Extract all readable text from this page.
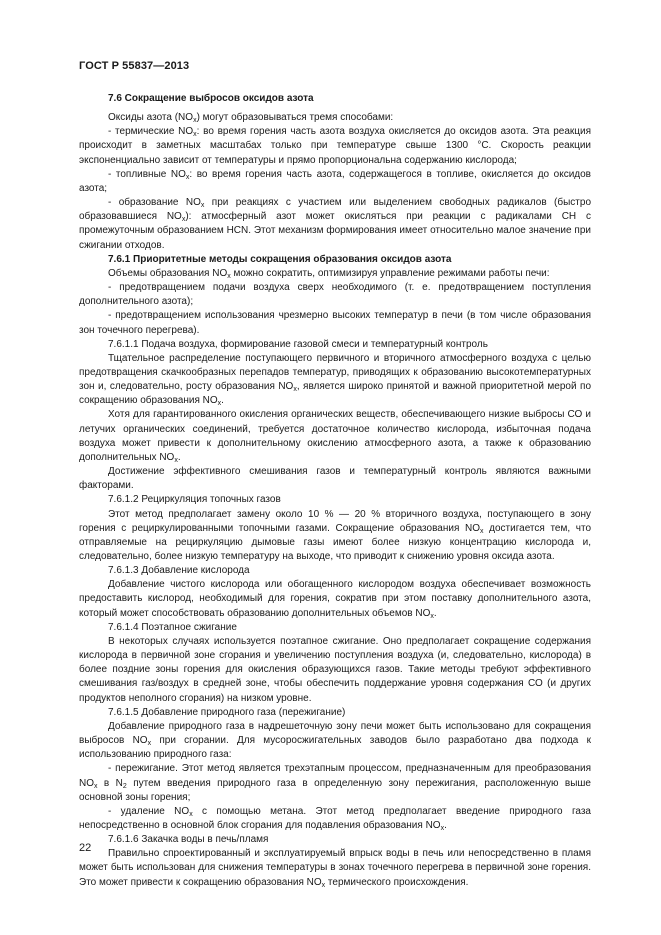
ГОСТ Р 55837—2013

7.6 Сокращение выбросов оксидов азота

Оксиды азота $(NO_x)$ могут образовываться тремя способами:

- термические $NO_x$: во время горения часть азота воздуха окисляется до оксидов азота. Эта реакция происходит в заметных масштабах только при температуре свыше 1300 °С. Скорость реакции экспоненциально зависит от температуры и прямо пропорциональна содержанию кислорода;

- топливные $NO_x$: во время горения часть азота, содержащегося в топливе, окисляется до оксидов азота;

- образование $NO_x$ при реакциях с участием или выделением свободных радикалов (быстро образовавшиеся $NO_x$): атмосферный азот может окисляться при реакции с радикалами СН с промежуточным образованием HCN. Этот механизм формирования имеет относительно малое значение при сжигании отходов.

7.6.1 Приоритетные методы сокращения образования оксидов азота

Объемы образования $NO_x$ можно сократить, оптимизируя управление режимами работы печи:

- предотвращением подачи воздуха сверх необходимого (т. е. предотвращением поступления дополнительного азота);

- предотвращением использования чрезмерно высоких температур в печи (в том числе образования зон точечного перегрева).

7.6.1.1 Подача воздуха, формирование газовой смеси и температурный контроль

Тщательное распределение поступающего первичного и вторичного атмосферного воздуха с целью предотвращения скачкообразных перепадов температур, приводящих к образованию высокотемпературных зон и, следовательно, росту образования $NO_x$, является широко принятой и важной приоритетной мерой по сокращению образования $NO_x$.

Хотя для гарантированного окисления органических веществ, обеспечивающего низкие выбросы СО и летучих органических соединений, требуется достаточное количество кислорода, избыточная подача воздуха может привести к дополнительному окислению атмосферного азота, а также к образованию дополнительных $NO_x$.

Достижение эффективного смешивания газов и температурный контроль являются важными факторами.

7.6.1.2 Рециркуляция топочных газов

Этот метод предполагает замену около 10 % — 20 % вторичного воздуха, поступающего в зону горения с рециркулированными топочными газами. Сокращение образования $NO_x$ достигается тем, что отправляемые на рециркуляцию дымовые газы имеют более низкую концентрацию кислорода и, следовательно, более низкую температуру на выходе, что приводит к снижению уровня оксида азота.

7.6.1.3 Добавление кислорода

Добавление чистого кислорода или обогащенного кислородом воздуха обеспечивает возможность предоставить кислород, необходимый для горения, сократив при этом поставку дополнительного азота, который может способствовать образованию дополнительных объемов $NO_x$.

7.6.1.4 Поэтапное сжигание

В некоторых случаях используется поэтапное сжигание. Оно предполагает сокращение содержания кислорода в первичной зоне сгорания и увеличению поступления воздуха (и, следовательно, кислорода) в более поздние зоны горения для окисления образующихся газов. Такие методы требуют эффективного смешивания газ/воздух в средней зоне, чтобы обеспечить поддержание уровня содержания СО (и других продуктов неполного сгорания) на низком уровне.

7.6.1.5 Добавление природного газа (пережигание)

Добавление природного газа в надрешеточную зону печи может быть использовано для сокращения выбросов $NO_x$ при сгорании. Для мусоросжигательных заводов было разработано два подхода к использованию природного газа:

- пережигание. Этот метод является трехэтапным процессом, предназначенным для преобразования $NO_x$ в $N_2$ путем введения природного газа в определенную зону пережигания, расположенную выше основной зоны горения;

- удаление $NO_x$ с помощью метана. Этот метод предполагает введение природного газа непосредственно в основной блок сгорания для подавления образования $NO_x$.

7.6.1.6 Закачка воды в печь/пламя

Правильно спроектированный и эксплуатируемый впрыск воды в печь или непосредственно в пламя может быть использован для снижения температуры в зонах точечного перегрева в первичной зоне горения. Это может привести к сокращению образования $NO_x$ термического происхождения.

22
